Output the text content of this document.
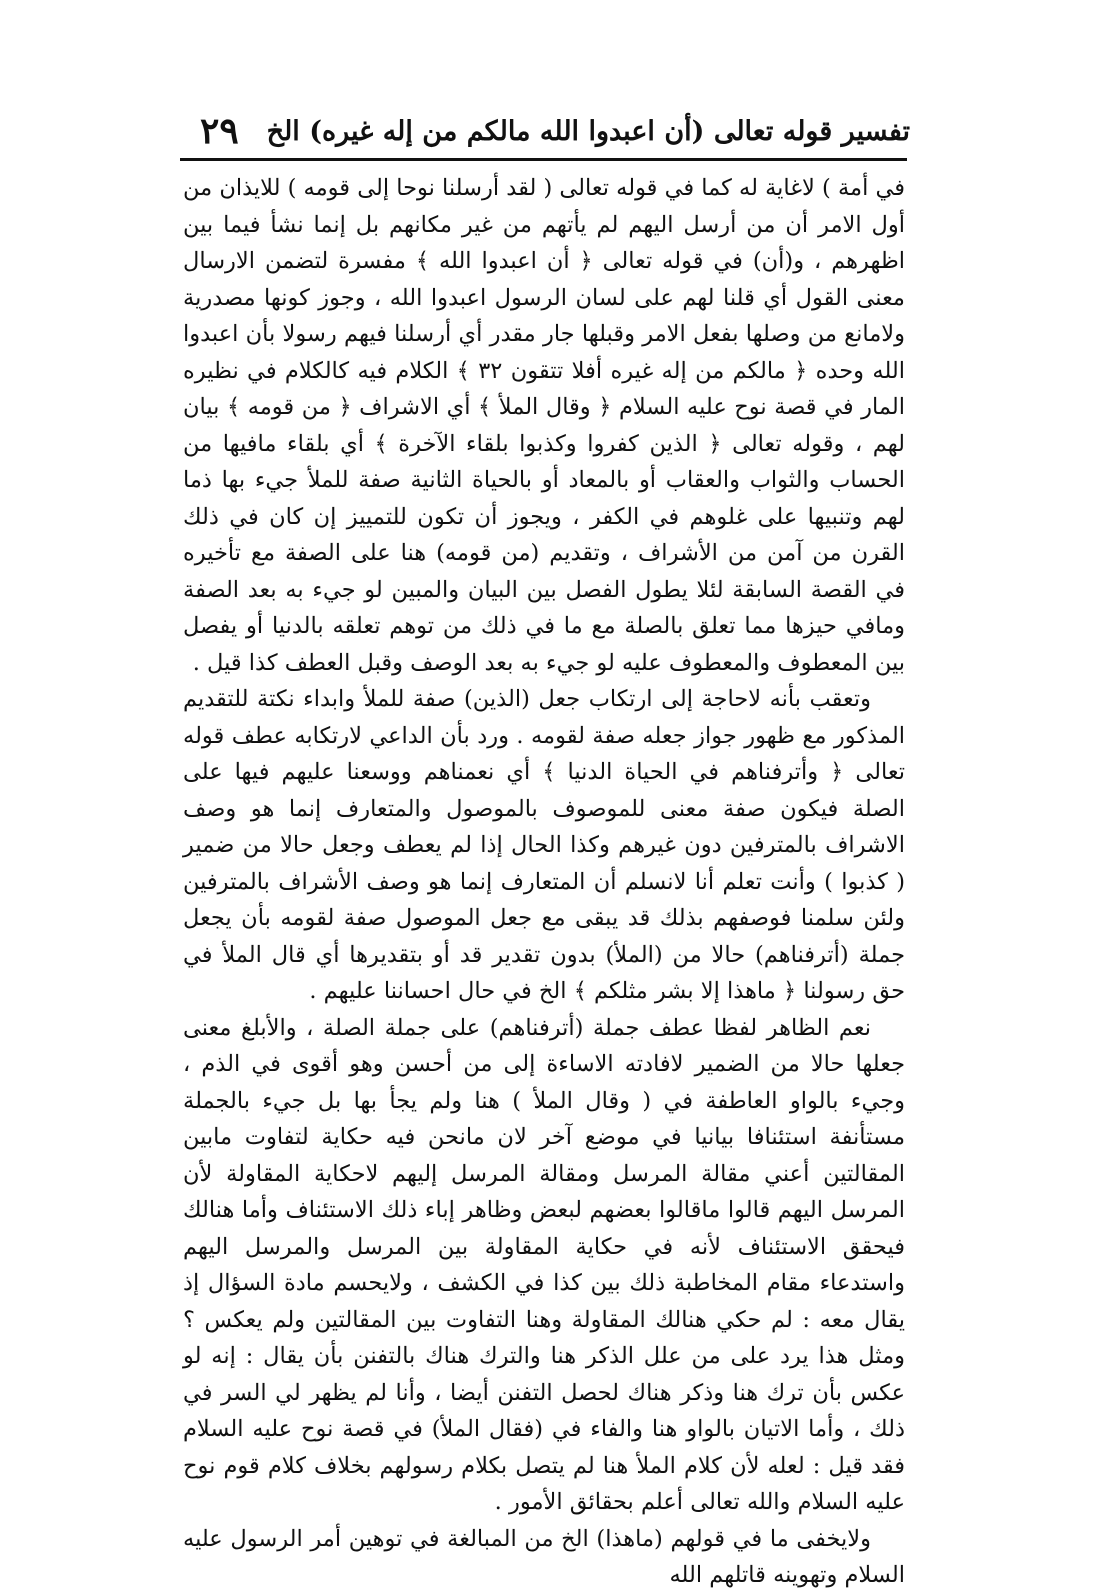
تفسير قوله تعالى (أن اعبدوا الله مالكم من إله غيره) الخ
٢٩

في أمة ) لاغاية له كما في قوله تعالى ( لقد أرسلنا نوحا إلى قومه ) للايذان من أول الامر أن من أرسل اليهم لم يأتهم من غير مكانهم بل إنما نشأ فيما بين اظهرهم ، و(أن) في قوله تعالى ﴿ أن اعبدوا الله ﴾ مفسرة لتضمن الارسال معنى القول أي قلنا لهم على لسان الرسول اعبدوا الله ، وجوز كونها مصدرية ولامانع من وصلها بفعل الامر وقبلها جار مقدر أي أرسلنا فيهم رسولا بأن اعبدوا الله وحده ﴿ مالكم من إله غيره أفلا تتقون ٣٢ ﴾ الكلام فيه كالكلام في نظيره المار في قصة نوح عليه السلام ﴿ وقال الملأ ﴾ أي الاشراف ﴿ من قومه ﴾ بيان لهم ، وقوله تعالى ﴿ الذين كفروا وكذبوا بلقاء الآخرة ﴾ أي بلقاء مافيها من الحساب والثواب والعقاب أو بالمعاد أو بالحياة الثانية صفة للملأ جيء بها ذما لهم وتنبيها على غلوهم في الكفر ، ويجوز أن تكون للتمييز إن كان في ذلك القرن من آمن من الأشراف ، وتقديم (من قومه) هنا على الصفة مع تأخيره في القصة السابقة لئلا يطول الفصل بين البيان والمبين لو جيء به بعد الصفة ومافي حيزها مما تعلق بالصلة مع ما في ذلك من توهم تعلقه بالدنيا أو يفصل بين المعطوف والمعطوف عليه لو جيء به بعد الوصف وقبل العطف كذا قيل .

وتعقب بأنه لاحاجة إلى ارتكاب جعل (الذين) صفة للملأ وابداء نكتة للتقديم المذكور مع ظهور جواز جعله صفة لقومه . ورد بأن الداعي لارتكابه عطف قوله تعالى ﴿ وأترفناهم في الحياة الدنيا ﴾ أي نعمناهم ووسعنا عليهم فيها على الصلة فيكون صفة معنى للموصوف بالموصول والمتعارف إنما هو وصف الاشراف بالمترفين دون غيرهم وكذا الحال إذا لم يعطف وجعل حالا من ضمير ( كذبوا ) وأنت تعلم أنا لانسلم أن المتعارف إنما هو وصف الأشراف بالمترفين ولئن سلمنا فوصفهم بذلك قد يبقى مع جعل الموصول صفة لقومه بأن يجعل جملة (أترفناهم) حالا من (الملأ) بدون تقدير قد أو بتقديرها أي قال الملأ في حق رسولنا ﴿ ماهذا إلا بشر مثلكم ﴾ الخ في حال احساننا عليهم .

نعم الظاهر لفظا عطف جملة (أترفناهم) على جملة الصلة ، والأبلغ معنى جعلها حالا من الضمير لافادته الاساءة إلى من أحسن وهو أقوى في الذم ، وجيء بالواو العاطفة في ( وقال الملأ ) هنا ولم يجأ بها بل جيء بالجملة مستأنفة استئنافا بيانيا في موضع آخر لان مانحن فيه حكاية لتفاوت مابين المقالتين أعني مقالة المرسل ومقالة المرسل إليهم لاحكاية المقاولة لأن المرسل اليهم قالوا ماقالوا بعضهم لبعض وظاهر إباء ذلك الاستئناف وأما هنالك فيحقق الاستئناف لأنه في حكاية المقاولة بين المرسل والمرسل اليهم واستدعاء مقام المخاطبة ذلك بين كذا في الكشف ، ولايحسم مادة السؤال إذ يقال معه : لم حكي هنالك المقاولة وهنا التفاوت بين المقالتين ولم يعكس ؟ ومثل هذا يرد على من علل الذكر هنا والترك هناك بالتفنن بأن يقال : إنه لو عكس بأن ترك هنا وذكر هناك لحصل التفنن أيضا ، وأنا لم يظهر لي السر في ذلك ، وأما الاتيان بالواو هنا والفاء في (فقال الملأ) في قصة نوح عليه السلام فقد قيل : لعله لأن كلام الملأ هنا لم يتصل بكلام رسولهم بخلاف كلام قوم نوح عليه السلام والله تعالى أعلم بحقائق الأمور .

ولايخفى ما في قولهم (ماهذا) الخ من المبالغة في توهين أمر الرسول عليه السلام وتهوينه قاتلهم الله
